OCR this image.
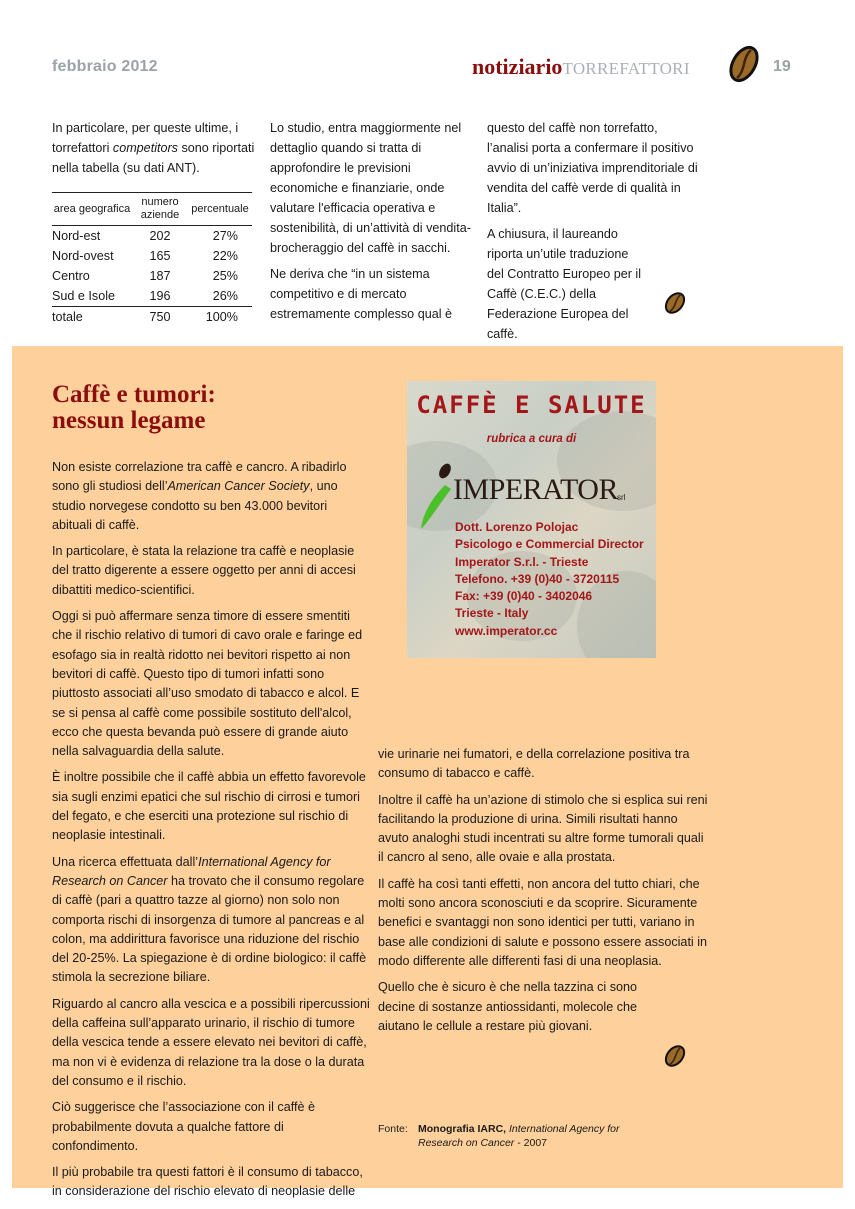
febbraio 2012	notiziarioTORREFATTORI	19

In particolare, per queste ultime, i torrefattori competitors sono riportati nella tabella (su dati ANT).

area geografica	numero aziende	percentuale
Nord-est	202	27%
Nord-ovest	165	22%
Centro	187	25%
Sud e Isole	196	26%
totale	750	100%

Lo studio, entra maggiormente nel dettaglio quando si tratta di approfondire le previsioni economiche e finanziarie, onde valutare l'efficacia operativa e sostenibilità, di un’attività di vendita-brocheraggio del caffè in sacchi.

Ne deriva che “in un sistema competitivo e di mercato estremamente complesso qual è

questo del caffè non torrefatto, l’analisi porta a confermare il positivo avvio di un’iniziativa imprenditoriale di vendita del caffè verde di qualità in Italia”.

A chiusura, il laureando riporta un’utile traduzione del Contratto Europeo per il Caffè (C.E.C.) della Federazione Europea del caffè.

Caffè e tumori:
nessun legame
CAFFÈ E SALUTE
rubrica a cura di
IMPERATOR srl
Dott. Lorenzo Polojac
Psicologo e Commercial Director
Imperator S.r.l. - Trieste
Telefono. +39 (0)40 - 3720115
Fax: +39 (0)40 - 3402046
Trieste - Italy
www.imperator.cc

Non esiste correlazione tra caffè e cancro. A ribadirlo sono gli studiosi dell’American Cancer Society, uno studio norvegese condotto su ben 43.000 bevitori abituali di caffè.

In particolare, è stata la relazione tra caffè e neoplasie del tratto digerente a essere oggetto per anni di accesi dibattiti medico-scientifici.

Oggi si può affermare senza timore di essere smentiti che il rischio relativo di tumori di cavo orale e faringe ed esofago sia in realtà ridotto nei bevitori rispetto ai non bevitori di caffè. Questo tipo di tumori infatti sono piuttosto associati all’uso smodato di tabacco e alcol. E se si pensa al caffè come possibile sostituto dell'alcol, ecco che questa bevanda può essere di grande aiuto nella salvaguardia della salute.

È inoltre possibile che il caffè abbia un effetto favorevole sia sugli enzimi epatici che sul rischio di cirrosi e tumori del fegato, e che eserciti una protezione sul rischio di neoplasie intestinali.

Una ricerca effettuata dall’International Agency for Research on Cancer ha trovato che il consumo regolare di caffè (pari a quattro tazze al giorno) non solo non comporta rischi di insorgenza di tumore al pancreas e al colon, ma addirittura favorisce una riduzione del rischio del 20-25%. La spiegazione è di ordine biologico: il caffè stimola la secrezione biliare.

Riguardo al cancro alla vescica e a possibili ripercussioni della caffeina sull’apparato urinario, il rischio di tumore della vescica tende a essere elevato nei bevitori di caffè, ma non vi è evidenza di relazione tra la dose o la durata del consumo e il rischio.

Ciò suggerisce che l’associazione con il caffè è probabilmente dovuta a qualche fattore di confondimento.

Il più probabile tra questi fattori è il consumo di tabacco, in considerazione del rischio elevato di neoplasie delle

vie urinarie nei fumatori, e della correlazione positiva tra consumo di tabacco e caffè.

Inoltre il caffè ha un’azione di stimolo che si esplica sui reni facilitando la produzione di urina. Simili risultati hanno avuto analoghi studi incentrati su altre forme tumorali quali il cancro al seno, alle ovaie e alla prostata.

Il caffè ha così tanti effetti, non ancora del tutto chiari, che molti sono ancora sconosciuti e da scoprire. Sicuramente benefici e svantaggi non sono identici per tutti, variano in base alle condizioni di salute e possono essere associati in modo differente alle differenti fasi di una neoplasia.

Quello che è sicuro è che nella tazzina ci sono decine di sostanze antiossidanti, molecole che aiutano le cellule a restare più giovani.

Fonte: Monografia IARC, International Agency for
Research on Cancer - 2007
